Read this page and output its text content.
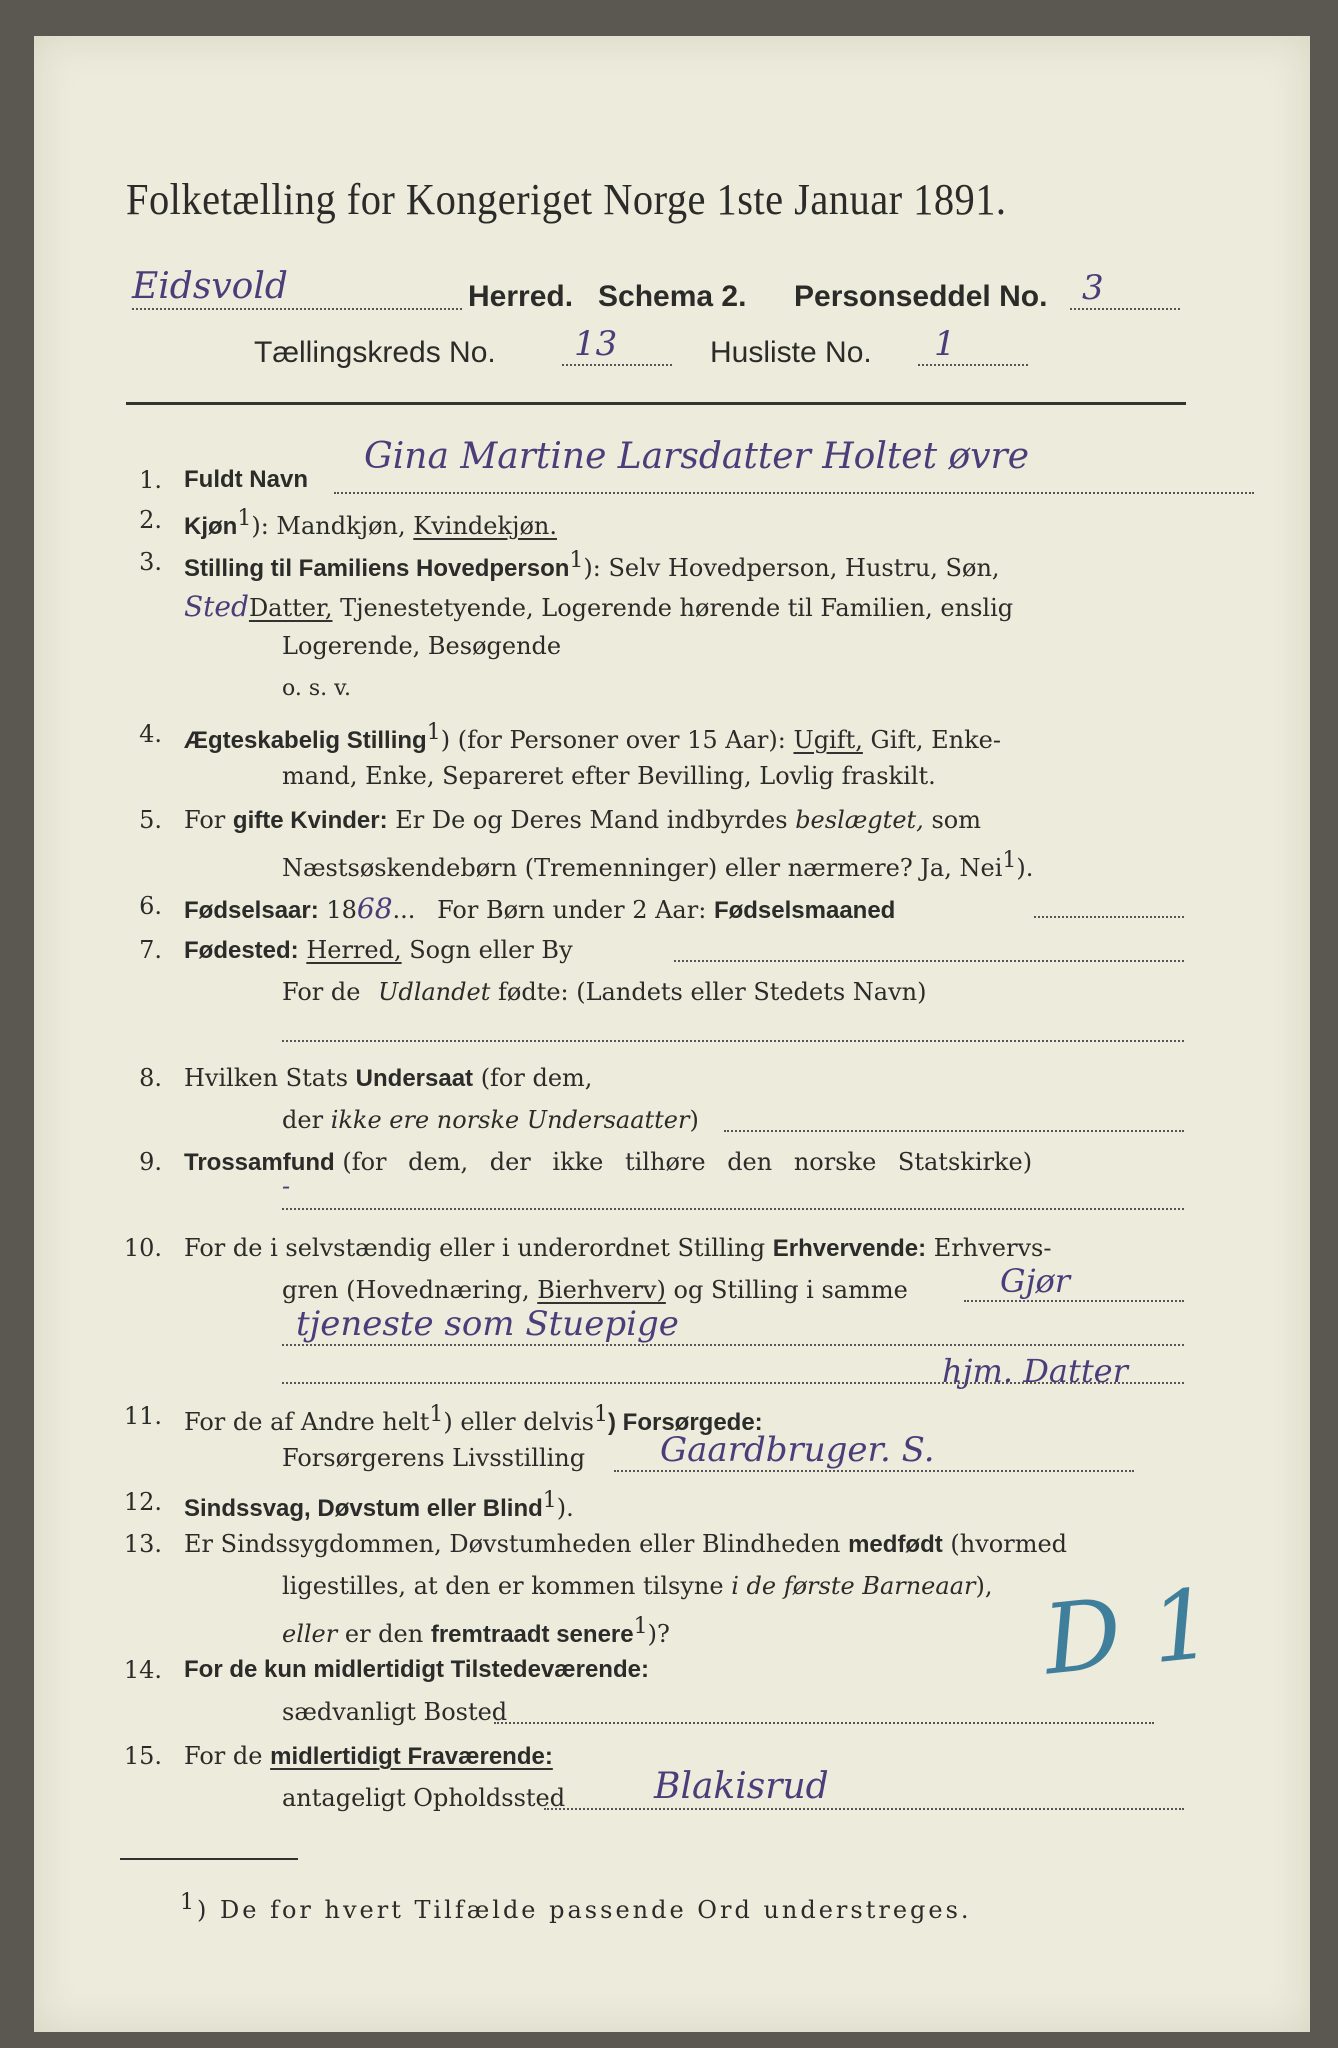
Folketælling for Kongeriget Norge 1ste Januar 1891.
Eidsvold	Herred. Schema 2. Personseddel No. 3
Tællingskreds No. 13	Husliste No. 1
1. Fuldt Navn
Gina Martine Larsdatter Holtet øvre
2. Kjøn$^1$): Mandkjøn, Kvindekjøn.
3. Stilling til Familiens Hovedperson$^1$): Selv Hovedperson, Hustru, Søn,
StedDatter, Tjenestetyende, Logerende hørende til Familien, enslig
Logerende, Besøgende
o. s. v.
4. Ægteskabelig Stilling$^1$) (for Personer over 15 Aar): Ugift, Gift, Enke-
mand, Enke, Separeret efter Bevilling, Lovlig fraskilt.
5. For gifte Kvinder: Er De og Deres Mand indbyrdes beslægtet, som
Næstsøskendebørn (Tremenninger) eller nærmere? Ja, Nei$^1$).
6. Fødselsaar: 1868... For Børn under 2 Aar: Fødselsmaaned
7. Fødested: Herred, Sogn eller By
For de Udlandet fødte: (Landets eller Stedets Navn)
8. Hvilken Stats Undersaat (for dem,
der ikke ere norske Undersaatter)
9. Trossamfund (for dem, der ikke tilhøre den norske Statskirke)
-
10. For de i selvstændig eller i underordnet Stilling Erhvervende: Erhvervs-
gren (Hovednæring, Bierhverv) og Stilling i samme	Gjør
tjeneste som Stuepige
hjm. Datter
11. For de af Andre helt$^1$) eller delvis$^1$) Forsørgede:
Forsørgerens Livsstilling Gaardbruger. S.
12. Sindssvag, Døvstum eller Blind$^1$).
13. Er Sindssygdommen, Døvstumheden eller Blindheden medfødt (hvormed
ligestilles, at den er kommen tilsyne i de første Barneaar),
eller er den fremtraadt senere$^1$)?	D 1
14. For de kun midlertidigt Tilstedeværende:
sædvanligt Bosted
15. For de midlertidigt Fraværende:
antageligt Opholdssted Blakisrud
$^1$) De for hvert Tilfælde passende Ord understreges.
